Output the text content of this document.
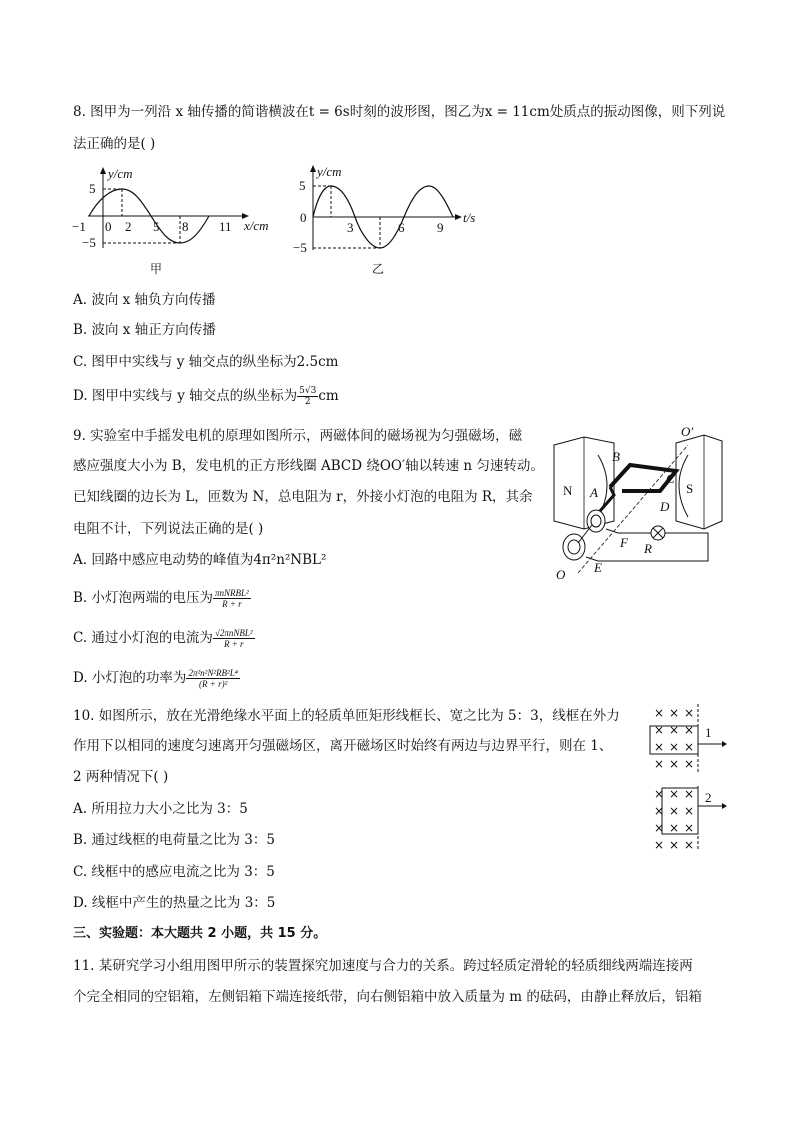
8. 图甲为一列沿 x 轴传播的简谐横波在t = 6s时刻的波形图，图乙为x = 11cm处质点的振动图像，则下列说
法正确的是( )
y/cm
x/cm
5
−5
−1 0 2 5 8 11
甲
y/cm
t/s
5
0
−5
3	6	9
乙
A. 波向 x 轴负方向传播
B. 波向 x 轴正方向传播
C. 图甲中实线与 y 轴交点的纵坐标为2.5cm
D. 图甲中实线与 y 轴交点的纵坐标为 $\frac{5√3}{2}$ cm
9. 实验室中手摇发电机的原理如图所示，两磁体间的磁场视为匀强磁场，磁
感应强度大小为 B，发电机的正方形线圈 ABCD 绕OO′轴以转速 n 匀速转动。
已知线圈的边长为 L，匝数为 N，总电阻为 r，外接小灯泡的电阻为 R，其余
电阻不计，下列说法正确的是( )
O′
B
C
N A	S
D
F R
O E
A. 回路中感应电动势的峰值为4π²n²NBL²
B. 小灯泡两端的电压为 $\frac{\text{πnNRBL²}}{R + r}$
C. 通过小灯泡的电流为 $\frac{\text{√2πnNBL²}}{R + r}$
D. 小灯泡的功率为 $\frac{\text{2π²n²N²RB²L⁴}}{\text{(R + r)²}}$
10. 如图所示，放在光滑绝缘水平面上的轻质单匝矩形线框长、宽之比为 5：3，线框在外力
作用下以相同的速度匀速离开匀强磁场区，离开磁场区时始终有两边与边界平行，则在 1、
2 两种情况下( )
× × ×
× × ×
× × ×
× × ×
× × ×
× × ×
× × ×
× × ×
1
2
A. 所用拉力大小之比为 3：5
B. 通过线框的电荷量之比为 3：5
C. 线框中的感应电流之比为 3：5
D. 线框中产生的热量之比为 3：5
三、实验题：本大题共 2 小题，共 15 分。
11. 某研究学习小组用图甲所示的装置探究加速度与合力的关系。跨过轻质定滑轮的轻质细线两端连接两
个完全相同的空铝箱，左侧铝箱下端连接纸带，向右侧铝箱中放入质量为 m 的砝码，由静止释放后，铝箱
